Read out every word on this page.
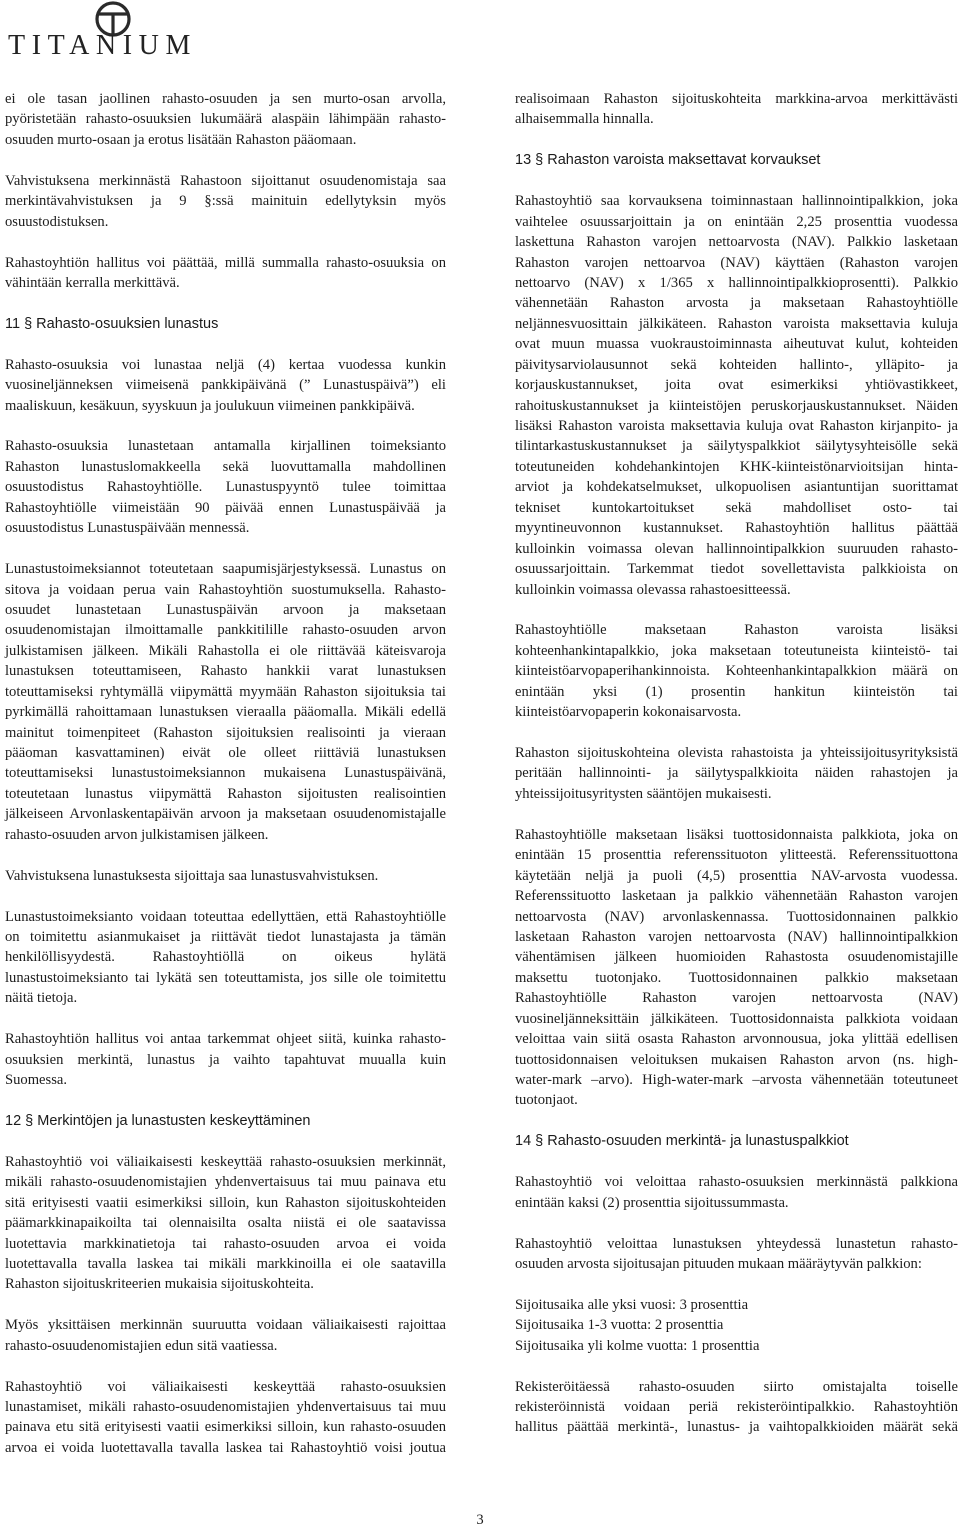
TITANIUM
ei ole tasan jaollinen rahasto-osuuden ja sen murto-osan arvolla,
pyöristetään rahasto-osuuksien lukumäärä alaspäin lähimpään rahasto-
osuuden murto-osaan ja erotus lisätään Rahaston pääomaan.
Vahvistuksena merkinnästä Rahastoon sijoittanut osuudenomistaja saa
merkintävahvistuksen ja 9 §:ssä mainituin edellytyksin myös
osuustodistuksen.
Rahastoyhtiön hallitus voi päättää, millä summalla rahasto-osuuksia on
vähintään kerralla merkittävä.
11 § Rahasto-osuuksien lunastus
Rahasto-osuuksia voi lunastaa neljä (4) kertaa vuodessa kunkin
vuosineljänneksen viimeisenä pankkipäivänä (” Lunastuspäivä”) eli
maaliskuun, kesäkuun, syyskuun ja joulukuun viimeinen pankkipäivä.
Rahasto-osuuksia lunastetaan antamalla kirjallinen toimeksianto
Rahaston lunastuslomakkeella sekä luovuttamalla mahdollinen
osuustodistus Rahastoyhtiölle. Lunastuspyyntö tulee toimittaa
Rahastoyhtiölle viimeistään 90 päivää ennen Lunastuspäivää ja
osuustodistus Lunastuspäivään mennessä.
Lunastustoimeksiannot toteutetaan saapumisjärjestyksessä. Lunastus on
sitova ja voidaan perua vain Rahastoyhtiön suostumuksella. Rahasto-
osuudet lunastetaan Lunastuspäivän arvoon ja maksetaan
osuudenomistajan ilmoittamalle pankkitilille rahasto-osuuden arvon
julkistamisen jälkeen. Mikäli Rahastolla ei ole riittävää käteisvaroja
lunastuksen toteuttamiseen, Rahasto hankkii varat lunastuksen
toteuttamiseksi ryhtymällä viipymättä myymään Rahaston sijoituksia tai
pyrkimällä rahoittamaan lunastuksen vieraalla pääomalla. Mikäli edellä
mainitut toimenpiteet (Rahaston sijoituksien realisointi ja vieraan
pääoman kasvattaminen) eivät ole olleet riittäviä lunastuksen
toteuttamiseksi lunastustoimeksiannon mukaisena Lunastuspäivänä,
toteutetaan lunastus viipymättä Rahaston sijoitusten realisointien
jälkeiseen Arvonlaskentapäivän arvoon ja maksetaan osuudenomistajalle
rahasto-osuuden arvon julkistamisen jälkeen.
Vahvistuksena lunastuksesta sijoittaja saa lunastusvahvistuksen.
Lunastustoimeksianto voidaan toteuttaa edellyttäen, että Rahastoyhtiölle
on toimitettu asianmukaiset ja riittävät tiedot lunastajasta ja tämän
henkilöllisyydestä. Rahastoyhtiöllä on oikeus hylätä
lunastustoimeksianto tai lykätä sen toteuttamista, jos sille ole toimitettu
näitä tietoja.
Rahastoyhtiön hallitus voi antaa tarkemmat ohjeet siitä, kuinka rahasto-
osuuksien merkintä, lunastus ja vaihto tapahtuvat muualla kuin
Suomessa.
12 § Merkintöjen ja lunastusten keskeyttäminen
Rahastoyhtiö voi väliaikaisesti keskeyttää rahasto-osuuksien merkinnät,
mikäli rahasto-osuudenomistajien yhdenvertaisuus tai muu painava etu
sitä erityisesti vaatii esimerkiksi silloin, kun Rahaston sijoituskohteiden
päämarkkinapaikoilta tai olennaisilta osalta niistä ei ole saatavissa
luotettavia markkinatietoja tai rahasto-osuuden arvoa ei voida
luotettavalla tavalla laskea tai mikäli markkinoilla ei ole saatavilla
Rahaston sijoituskriteerien mukaisia sijoituskohteita.
Myös yksittäisen merkinnän suuruutta voidaan väliaikaisesti rajoittaa
rahasto-osuudenomistajien edun sitä vaatiessa.
Rahastoyhtiö voi väliaikaisesti keskeyttää rahasto-osuuksien
lunastamiset, mikäli rahasto-osuudenomistajien yhdenvertaisuus tai muu
painava etu sitä erityisesti vaatii esimerkiksi silloin, kun rahasto-osuuden
arvoa ei voida luotettavalla tavalla laskea tai Rahastoyhtiö voisi joutua
realisoimaan Rahaston sijoituskohteita markkina-arvoa merkittävästi
alhaisemmalla hinnalla.
13 § Rahaston varoista maksettavat korvaukset
Rahastoyhtiö saa korvauksena toiminnastaan hallinnointipalkkion, joka
vaihtelee osuussarjoittain ja on enintään 2,25 prosenttia vuodessa
laskettuna Rahaston varojen nettoarvosta (NAV). Palkkio lasketaan
Rahaston varojen nettoarvoa (NAV) käyttäen (Rahaston varojen
nettoarvo (NAV) x 1/365 x hallinnointipalkkioprosentti). Palkkio
vähennetään Rahaston arvosta ja maksetaan Rahastoyhtiölle
neljännesvuosittain jälkikäteen. Rahaston varoista maksettavia kuluja
ovat muun muassa vuokraustoiminnasta aiheutuvat kulut, kohteiden
päivitysarviolausunnot sekä kohteiden hallinto-, ylläpito- ja
korjauskustannukset, joita ovat esimerkiksi yhtiövastikkeet,
rahoituskustannukset ja kiinteistöjen peruskorjauskustannukset. Näiden
lisäksi Rahaston varoista maksettavia kuluja ovat Rahaston kirjanpito- ja
tilintarkastuskustannukset ja säilytyspalkkiot säilytysyhteisölle sekä
toteutuneiden kohdehankintojen KHK-kiinteistönarvioitsijan hinta-
arviot ja kohdekatselmukset, ulkopuolisen asiantuntijan suorittamat
tekniset kuntokartoitukset sekä mahdolliset osto- tai
myyntineuvonnon kustannukset. Rahastoyhtiön hallitus päättää
kulloinkin voimassa olevan hallinnointipalkkion suuruuden rahasto-
osuussarjoittain. Tarkemmat tiedot sovellettavista palkkioista on
kulloinkin voimassa olevassa rahastoesitteessä.
Rahastoyhtiölle maksetaan Rahaston varoista lisäksi
kohteenhankintapalkkio, joka maksetaan toteutuneista kiinteistö- tai
kiinteistöarvopaperihankinnoista. Kohteenhankintapalkkion määrä on
enintään yksi (1) prosentin hankitun kiinteistön tai
kiinteistöarvopaperin kokonaisarvosta.
Rahaston sijoituskohteina olevista rahastoista ja yhteissijoitusyrityksistä
peritään hallinnointi- ja säilytyspalkkioita näiden rahastojen ja
yhteissijoitusyritysten sääntöjen mukaisesti.
Rahastoyhtiölle maksetaan lisäksi tuottosidonnaista palkkiota, joka on
enintään 15 prosenttia referenssituoton ylitteestä. Referenssituottona
käytetään neljä ja puoli (4,5) prosenttia NAV-arvosta vuodessa.
Referenssituotto lasketaan ja palkkio vähennetään Rahaston varojen
nettoarvosta (NAV) arvonlaskennassa. Tuottosidonnainen palkkio
lasketaan Rahaston varojen nettoarvosta (NAV) hallinnointipalkkion
vähentämisen jälkeen huomioiden Rahastosta osuudenomistajille
maksettu tuotonjako. Tuottosidonnainen palkkio maksetaan
Rahastoyhtiölle Rahaston varojen nettoarvosta (NAV)
vuosineljänneksittäin jälkikäteen. Tuottosidonnaista palkkiota voidaan
veloittaa vain siitä osasta Rahaston arvonnousua, joka ylittää edellisen
tuottosidonnaisen veloituksen mukaisen Rahaston arvon (ns. high-
water-mark –arvo). High-water-mark –arvosta vähennetään toteutuneet
tuotonjaot.
14 § Rahasto-osuuden merkintä- ja lunastuspalkkiot
Rahastoyhtiö voi veloittaa rahasto-osuuksien merkinnästä palkkiona
enintään kaksi (2) prosenttia sijoitussummasta.
Rahastoyhtiö veloittaa lunastuksen yhteydessä lunastetun rahasto-
osuuden arvosta sijoitusajan pituuden mukaan määräytyvän palkkion:
Sijoitusaika alle yksi vuosi: 3 prosenttia
Sijoitusaika 1-3 vuotta: 2 prosenttia
Sijoitusaika yli kolme vuotta: 1 prosenttia
Rekisteröitäessä rahasto-osuuden siirto omistajalta toiselle
rekisteröinnistä voidaan periä rekisteröintipalkkio. Rahastoyhtiön
hallitus päättää merkintä-, lunastus- ja vaihtopalkkioiden määrät sekä
3
